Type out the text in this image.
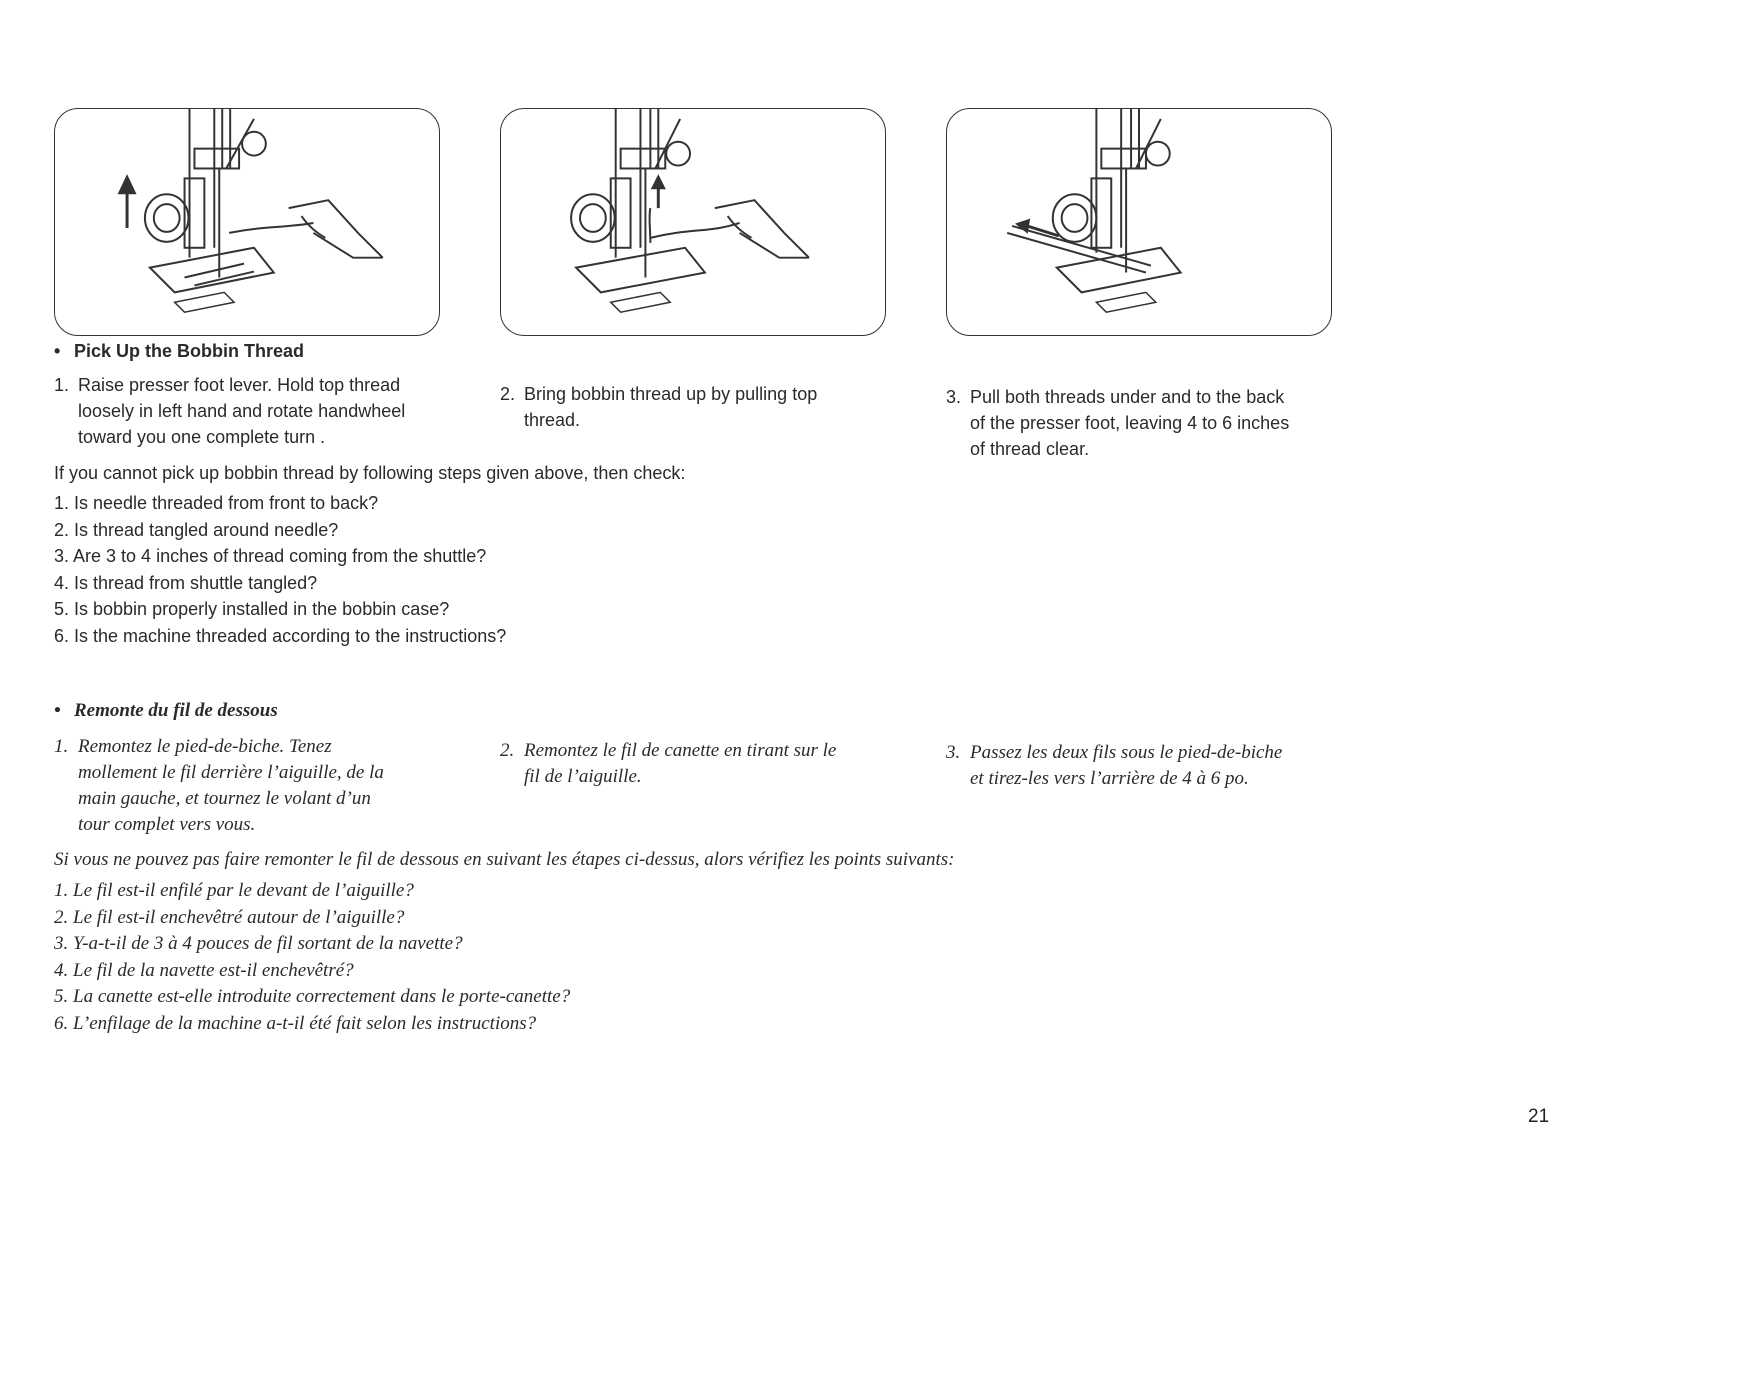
• Pick Up the Bobbin Thread
1. Raise presser foot lever. Hold top thread
loosely in left hand and rotate handwheel
toward you one complete turn .
2. Bring bobbin thread up by pulling top
thread.
3. Pull both threads under and to the back
of the presser foot, leaving 4 to 6 inches
of thread clear.
If you cannot pick up bobbin thread by following steps given above, then check:
1. Is needle threaded from front to back?
2. Is thread tangled around needle?
3. Are 3 to 4 inches of thread coming from the shuttle?
4. Is thread from shuttle tangled?
5. Is bobbin properly installed in the bobbin case?
6. Is the machine threaded according to the instructions?
• Remonte du fil de dessous
1. Remontez le pied-de-biche. Tenez
mollement le fil derrière l’aiguille, de la
main gauche, et tournez le volant d’un
tour complet vers vous.
2. Remontez le fil de canette en tirant sur le
fil de l’aiguille.
3. Passez les deux fils sous le pied-de-biche
et tirez-les vers l’arrière de 4 à 6 po.
Si vous ne pouvez pas faire remonter le fil de dessous en suivant les étapes ci-dessus, alors vérifiez les points suivants:
1. Le fil est-il enfilé par le devant de l’aiguille?
2. Le fil est-il enchevêtré autour de l’aiguille?
3. Y-a-t-il de 3 à 4 pouces de fil sortant de la navette?
4. Le fil de la navette est-il enchevêtré?
5. La canette est-elle introduite correctement dans le porte-canette?
6. L’enfilage de la machine a-t-il été fait selon les instructions?
21
